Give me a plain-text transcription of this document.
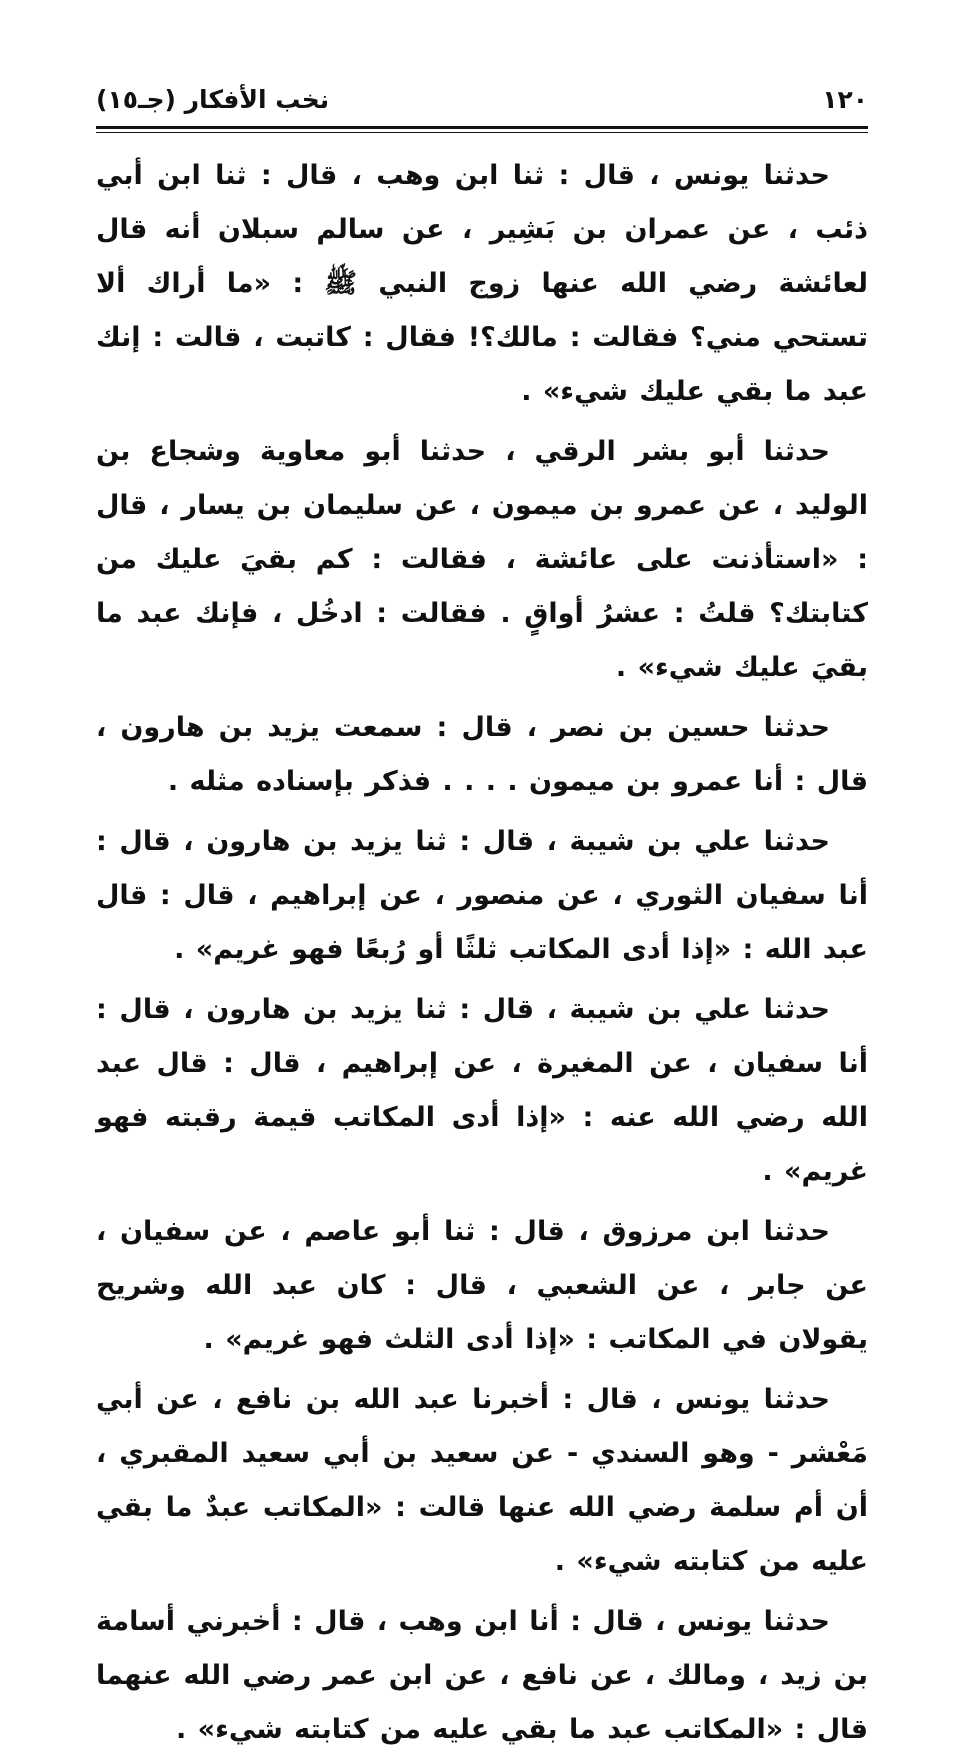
١٢٠
نخب الأفكار (جـ١٥)

حدثنا يونس ، قال : ثنا ابن وهب ، قال : ثنا ابن أبي ذئب ، عن عمران بن بَشِير ، عن سالم سبلان أنه قال لعائشة رضي الله عنها زوج النبي ﷺ : «ما أراك ألا تستحي مني؟ فقالت : مالك؟! فقال : كاتبت ، قالت : إنك عبد ما بقي عليك شيء» .

حدثنا أبو بشر الرقي ، حدثنا أبو معاوية وشجاع بن الوليد ، عن عمرو بن ميمون ، عن سليمان بن يسار ، قال : «استأذنت على عائشة ، فقالت : كم بقيَ عليك من كتابتك؟ قلتُ : عشرُ أواقٍ . فقالت : ادخُل ، فإنك عبد ما بقيَ عليك شيء» .

حدثنا حسين بن نصر ، قال : سمعت يزيد بن هارون ، قال : أنا عمرو بن ميمون . . . . فذكر بإسناده مثله .

حدثنا علي بن شيبة ، قال : ثنا يزيد بن هارون ، قال : أنا سفيان الثوري ، عن منصور ، عن إبراهيم ، قال : قال عبد الله : «إذا أدى المكاتب ثلثًا أو رُبعًا فهو غريم» .

حدثنا علي بن شيبة ، قال : ثنا يزيد بن هارون ، قال : أنا سفيان ، عن المغيرة ، عن إبراهيم ، قال : قال عبد الله رضي الله عنه : «إذا أدى المكاتب قيمة رقبته فهو غريم» .

حدثنا ابن مرزوق ، قال : ثنا أبو عاصم ، عن سفيان ، عن جابر ، عن الشعبي ، قال : كان عبد الله وشريح يقولان في المكاتب : «إذا أدى الثلث فهو غريم» .

حدثنا يونس ، قال : أخبرنا عبد الله بن نافع ، عن أبي مَعْشر - وهو السندي - عن سعيد بن أبي سعيد المقبري ، أن أم سلمة رضي الله عنها قالت : «المكاتب عبدٌ ما بقي عليه من كتابته شيء» .

حدثنا يونس ، قال : أنا ابن وهب ، قال : أخبرني أسامة بن زيد ، ومالك ، عن نافع ، عن ابن عمر رضي الله عنهما قال : «المكاتب عبد ما بقي عليه من كتابته شيء» .
